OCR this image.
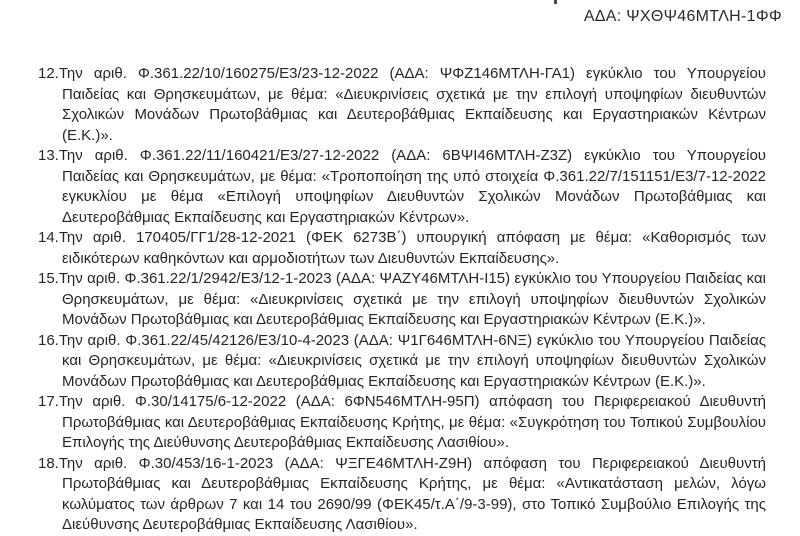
ΑΔΑ: ΨΧΘΨ46ΜΤΛΗ-1ΦΦ
12.Την αριθ. Φ.361.22/10/160275/Ε3/23-12-2022 (ΑΔΑ: ΨΦΖ146ΜΤΛΗ-ΓΑ1) εγκύκλιο του Υπουργείου Παιδείας και Θρησκευμάτων, με θέμα: «Διευκρινίσεις σχετικά με την επιλογή υποψηφίων διευθυντών Σχολικών Μονάδων Πρωτοβάθμιας και Δευτεροβάθμιας Εκπαίδευσης και Εργαστηριακών Κέντρων (Ε.Κ.)».
13.Την αριθ. Φ.361.22/11/160421/Ε3/27-12-2022 (ΑΔΑ: 6ΒΨΙ46ΜΤΛΗ-Ζ3Ζ) εγκύκλιο του Υπουργείου Παιδείας και Θρησκευμάτων, με θέμα: «Τροποποίηση της υπό στοιχεία Φ.361.22/7/151151/Ε3/7-12-2022 εγκυκλίου με θέμα «Επιλογή υποψηφίων Διευθυντών Σχολικών Μονάδων Πρωτοβάθμιας και Δευτεροβάθμιας Εκπαίδευσης και Εργαστηριακών Κέντρων».
14.Την αριθ. 170405/ΓΓ1/28-12-2021 (ΦΕΚ 6273Β΄) υπουργική απόφαση με θέμα: «Καθορισμός των ειδικότερων καθηκόντων και αρμοδιοτήτων των Διευθυντών Εκπαίδευσης».
15.Την αριθ. Φ.361.22/1/2942/Ε3/12-1-2023 (ΑΔΑ: ΨΑΖΥ46ΜΤΛΗ-Ι15) εγκύκλιο του Υπουργείου Παιδείας και Θρησκευμάτων, με θέμα: «Διευκρινίσεις σχετικά με την επιλογή υποψηφίων διευθυντών Σχολικών Μονάδων Πρωτοβάθμιας και Δευτεροβάθμιας Εκπαίδευσης και Εργαστηριακών Κέντρων (Ε.Κ.)».
16.Την αριθ. Φ.361.22/45/42126/Ε3/10-4-2023 (ΑΔΑ: Ψ1Γ646ΜΤΛΗ-6ΝΞ) εγκύκλιο του Υπουργείου Παιδείας και Θρησκευμάτων, με θέμα: «Διευκρινίσεις σχετικά με την επιλογή υποψηφίων διευθυντών Σχολικών Μονάδων Πρωτοβάθμιας και Δευτεροβάθμιας Εκπαίδευσης και Εργαστηριακών Κέντρων (Ε.Κ.)».
17.Την αριθ. Φ.30/14175/6-12-2022 (ΑΔΑ: 6ΦΝ546ΜΤΛΗ-95Π) απόφαση του Περιφερειακού Διευθυντή Πρωτοβάθμιας και Δευτεροβάθμιας Εκπαίδευσης Κρήτης, με θέμα: «Συγκρότηση του Τοπικού Συμβουλίου Επιλογής της Διεύθυνσης Δευτεροβάθμιας Εκπαίδευσης Λασιθίου».
18.Την αριθ. Φ.30/453/16-1-2023 (ΑΔΑ: ΨΞΓΕ46ΜΤΛΗ-Ζ9Η) απόφαση του Περιφερειακού Διευθυντή Πρωτοβάθμιας και Δευτεροβάθμιας Εκπαίδευσης Κρήτης, με θέμα: «Αντικατάσταση μελών, λόγω κωλύματος των άρθρων 7 και 14 του 2690/99 (ΦΕΚ45/τ.Α΄/9-3-99), στο Τοπικό Συμβούλιο Επιλογής της Διεύθυνσης Δευτεροβάθμιας Εκπαίδευσης Λασιθίου».
